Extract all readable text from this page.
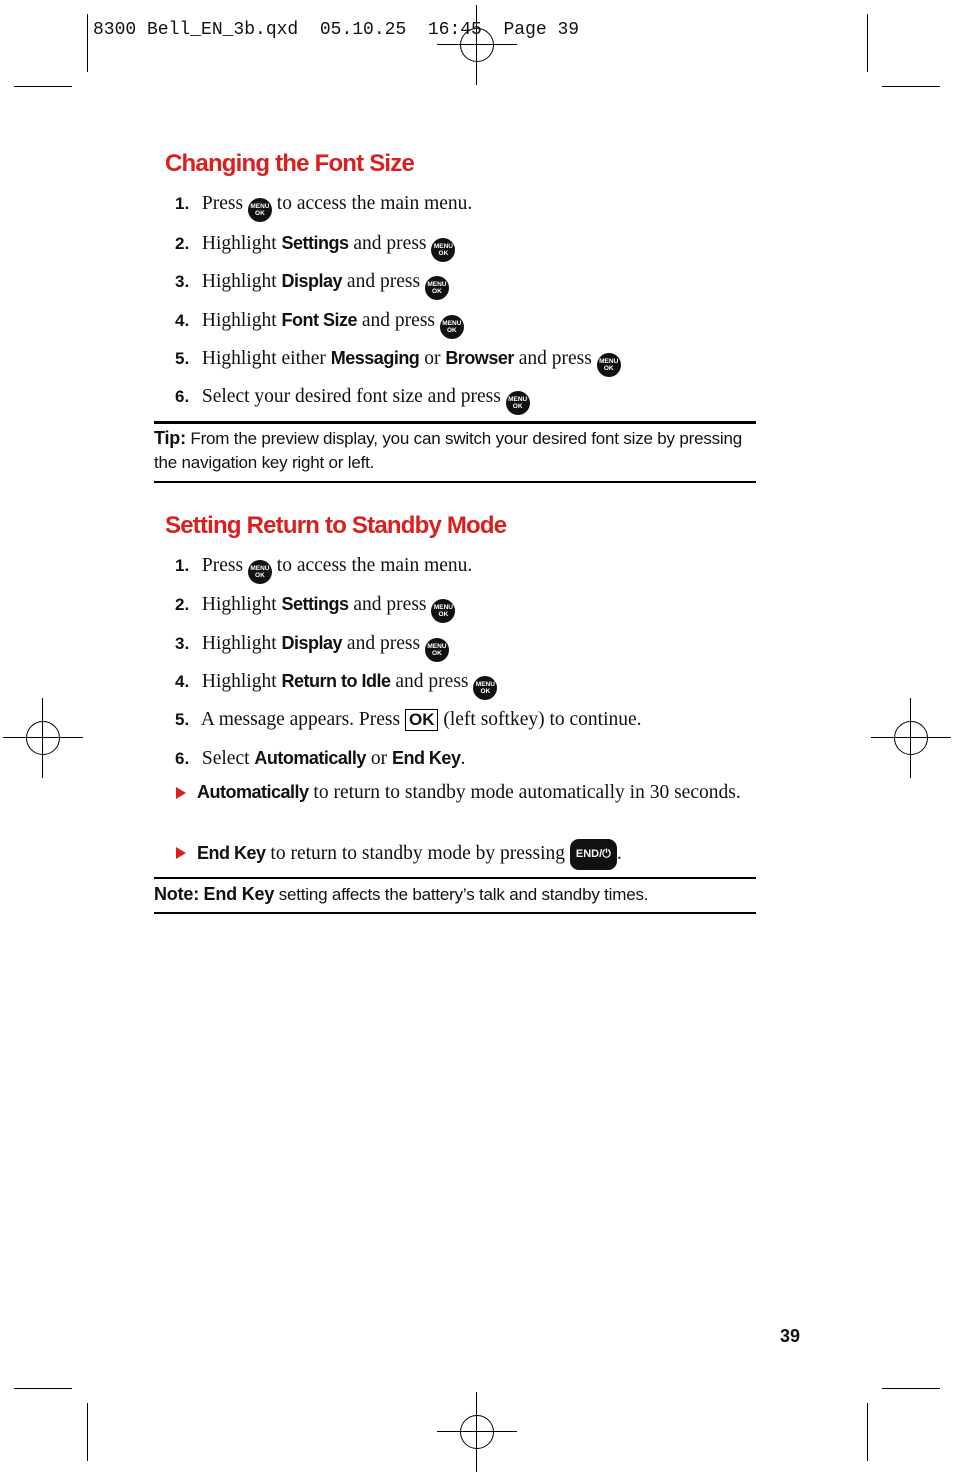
8300 Bell_EN_3b.qxd  05.10.25  16:45  Page 39
Changing the Font Size
1. Press MENU
OK to access the main menu.
2. Highlight Settings and press MENU
OK .
3. Highlight Display and press MENU
OK .
4. Highlight Font Size and press MENU
OK .
5. Highlight either Messaging or Browser and press MENU
OK .
6. Select your desired font size and press MENU
OK .
Tip: From the preview display, you can switch your desired font size by pressing the navigation key right or left.
Setting Return to Standby Mode
1. Press MENU
OK to access the main menu.
2. Highlight Settings and press MENU
OK .
3. Highlight Display and press MENU
OK .
4. Highlight Return to Idle and press MENU
OK .
5. A message appears. Press OK (left softkey) to continue.
6. Select Automatically or End Key.
Automatically to return to standby mode automatically in 30 seconds.
End Key to return to standby mode by pressing END/⏻ .
Note: End Key setting affects the battery’s talk and standby times.
39
